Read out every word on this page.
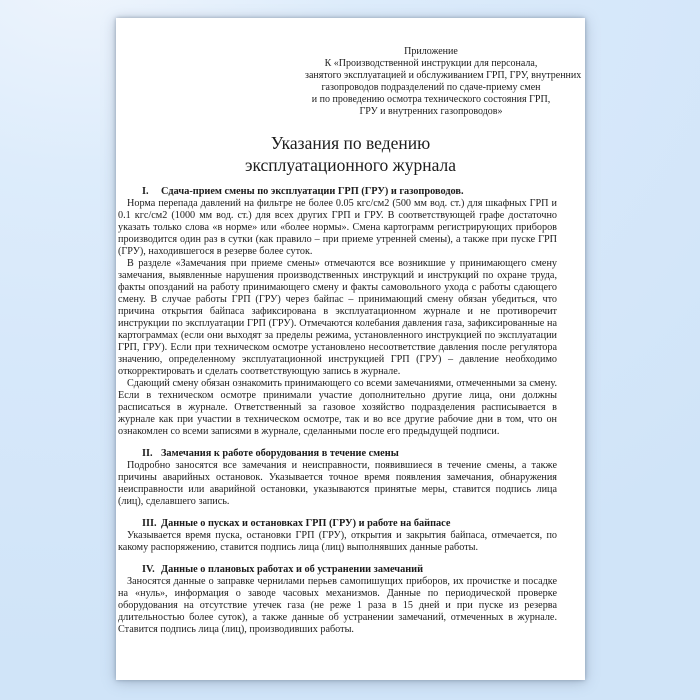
Приложение
К «Производственной инструкции для персонала,
занятого эксплуатацией и обслуживанием ГРП, ГРУ, внутренних
газопроводов подразделений по сдаче-приему смен
и по проведению осмотра технического состояния ГРП,
ГРУ и внутренних газопроводов»
Указания по ведению
эксплуатационного журнала
I. Сдача-прием смены по эксплуатации ГРП (ГРУ) и газопроводов.

Норма перепада давлений на фильтре не более 0.05 кгс/см2 (500 мм вод. ст.) для шкафных ГРП и 0.1 кгс/см2 (1000 мм вод. ст.) для всех других ГРП и ГРУ. В соответствующей графе достаточно указать только слова «в норме» или «более нормы». Смена картограмм регистрирующих приборов производится один раз в сутки (как правило – при приеме утренней смены), а также при пуске ГРП (ГРУ), находившегося в резерве более суток.

В разделе «Замечания при приеме смены» отмечаются все возникшие у принимающего смену замечания, выявленные нарушения производственных инструкций и инструкций по охране труда, факты опозданий на работу принимающего смену и факты самовольного ухода с работы сдающего смену. В случае работы ГРП (ГРУ) через байпас – принимающий смену обязан убедиться, что причина открытия байпаса зафиксирована в эксплуатационном журнале и не противоречит инструкции по эксплуатации ГРП (ГРУ). Отмечаются колебания давления газа, зафиксированные на картограммах (если они выходят за пределы режима, установленного инструкцией по эксплуатации ГРП, ГРУ). Если при техническом осмотре установлено несоответствие давления после регулятора значению, определенному эксплуатационной инструкцией ГРП (ГРУ) – давление необходимо откорректировать и сделать соответствующую запись в журнале.

Сдающий смену обязан ознакомить принимающего со всеми замечаниями, отмеченными за смену. Если в техническом осмотре принимали участие дополнительно другие лица, они должны расписаться в журнале. Ответственный за газовое хозяйство подразделения расписывается в журнале как при участии в техническом осмотре, так и во все другие рабочие дни в том, что он ознакомлен со всеми записями в журнале, сделанными после его предыдущей подписи.

II. Замечания к работе оборудования в течение смены

Подробно заносятся все замечания и неисправности, появившиеся в течение смены, а также причины аварийных остановок. Указывается точное время появления замечания, обнаружения неисправности или аварийной остановки, указываются принятые меры, ставится подпись лица (лиц), сделавшего запись.

III. Данные о пусках и остановках ГРП (ГРУ) и работе на байпасе

Указывается время пуска, остановки ГРП (ГРУ), открытия и закрытия байпаса, отмечается, по какому распоряжению, ставится подпись лица (лиц) выполнявших данные работы.

IV. Данные о плановых работах и об устранении замечаний

Заносятся данные о заправке чернилами перьев самопишущих приборов, их прочистке и посадке на «нуль», информация о заводе часовых механизмов. Данные по периодической проверке оборудования на отсутствие утечек газа (не реже 1 раза в 15 дней и при пуске из резерва длительностью более суток), а также данные об устранении замечаний, отмеченных в журнале. Ставится подпись лица (лиц), производивших работы.
